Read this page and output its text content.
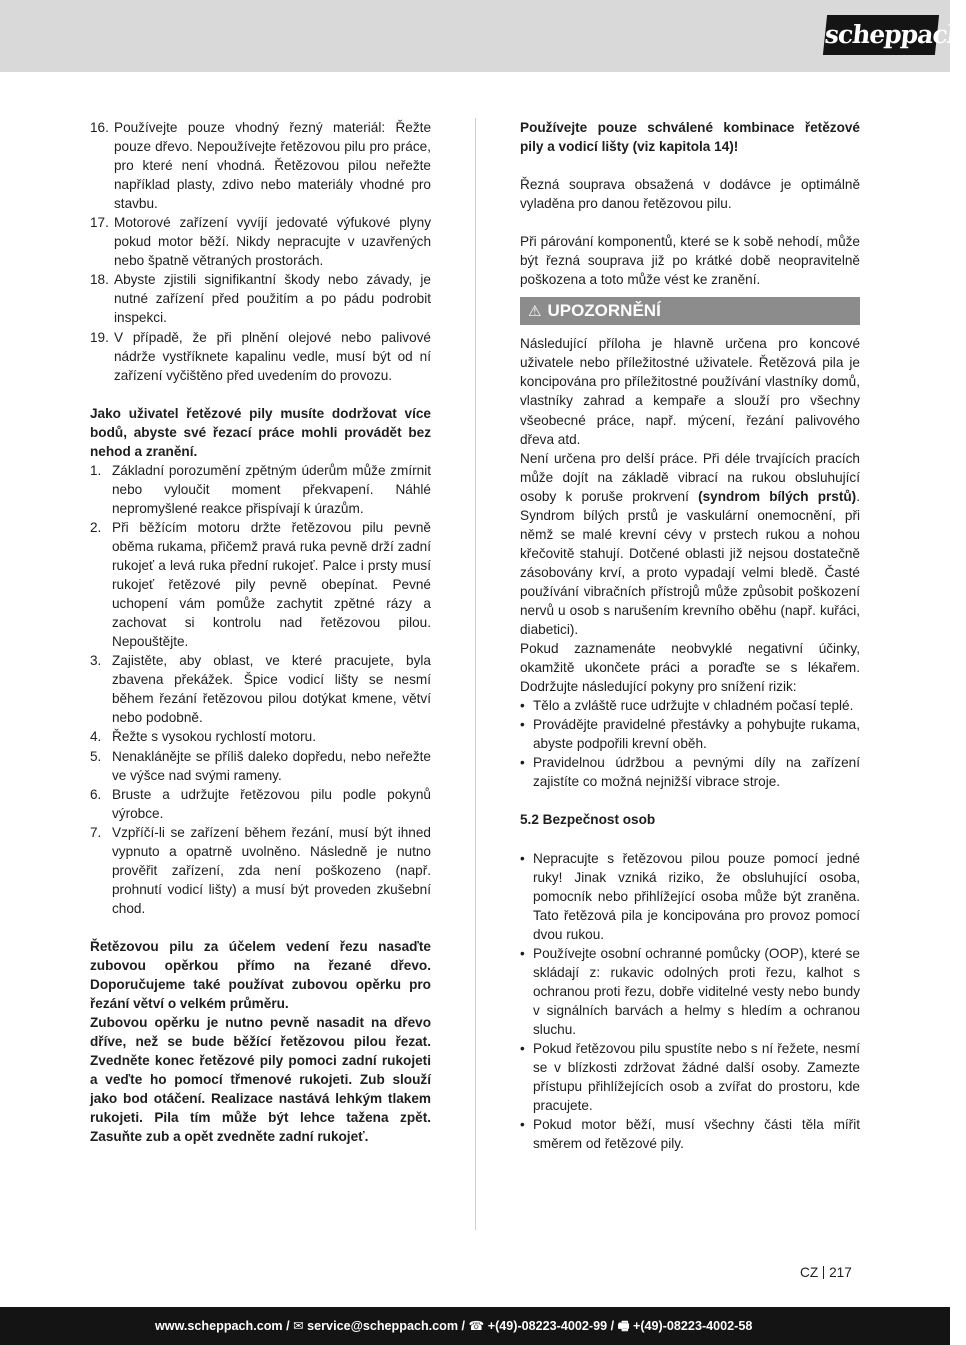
scheppach
16. Používejte pouze vhodný řezný materiál: Řežte pouze dřevo. Nepoužívejte řetězovou pilu pro práce, pro které není vhodná. Řetězovou pilou neřežte například plasty, zdivo nebo materiály vhodné pro stavbu.
17. Motorové zařízení vyvíjí jedovaté výfukové plyny pokud motor běží. Nikdy nepracujte v uzavřených nebo špatně větraných prostorách.
18. Abyste zjistili signifikantní škody nebo závady, je nutné zařízení před použitím a po pádu podrobit inspekci.
19. V případě, že při plnění olejové nebo palivové nádrže vystříknete kapalinu vedle, musí být od ní zařízení vyčištěno před uvedením do provozu.

Jako uživatel řetězové pily musíte dodržovat více bodů, abyste své řezací práce mohli provádět bez nehod a zranění.

1. Základní porozumění zpětným úderům může zmírnit nebo vyloučit moment překvapení. Náhlé nepromyšlené reakce přispívají k úrazům.
2. Při běžícím motoru držte řetězovou pilu pevně oběma rukama, přičemž pravá ruka pevně drží zadní rukojeť a levá ruka přední rukojeť. Palce i prsty musí rukojeť řetězové pily pevně obepínat. Pevné uchopení vám pomůže zachytit zpětné rázy a zachovat si kontrolu nad řetězovou pilou. Nepouštějte.
3. Zajistěte, aby oblast, ve které pracujete, byla zbavena překážek. Špice vodicí lišty se nesmí během řezání řetězovou pilou dotýkat kmene, větví nebo podobně.
4. Řežte s vysokou rychlostí motoru.
5. Nenaklánějte se příliš daleko dopředu, nebo neřežte ve výšce nad svými rameny.
6. Bruste a udržujte řetězovou pilu podle pokynů výrobce.
7. Vzpříčí-li se zařízení během řezání, musí být ihned vypnuto a opatrně uvolněno. Následně je nutno prověřit zařízení, zda není poškozeno (např. prohnutí vodicí lišty) a musí být proveden zkušební chod.

Řetězovou pilu za účelem vedení řezu nasaďte zubovou opěrkou přímo na řezané dřevo. Doporučujeme také používat zubovou opěrku pro řezání větví o velkém průměru.

Zubovou opěrku je nutno pevně nasadit na dřevo dříve, než se bude běžící řetězovou pilou řezat. Zvedněte konec řetězové pily pomoci zadní rukojeti a veďte ho pomocí třmenové rukojeti. Zub slouží jako bod otáčení. Realizace nastává lehkým tlakem rukojeti. Pila tím může být lehce tažena zpět. Zasuňte zub a opět zvedněte zadní rukojeť.

Používejte pouze schválené kombinace řetězové pily a vodicí lišty (viz kapitola 14)!

Řezná souprava obsažená v dodávce je optimálně vyladěna pro danou řetězovou pilu.

Při párování komponentů, které se k sobě nehodí, může být řezná souprava již po krátké době neopravitelně poškozena a toto může vést ke zranění.

⚠ UPOZORNĚNÍ

Následující příloha je hlavně určena pro koncové uživatele nebo příležitostné uživatele. Řetězová pila je koncipována pro příležitostné používání vlastníky domů, vlastníky zahrad a kempaře a slouží pro všechny všeobecné práce, např. mýcení, řezání palivového dřeva atd.

Není určena pro delší práce. Při déle trvajících pracích může dojít na základě vibrací na rukou obsluhující osoby k poruše prokrvení (syndrom bílých prstů). Syndrom bílých prstů je vaskulární onemocnění, při němž se malé krevní cévy v prstech rukou a nohou křečovitě stahují. Dotčené oblasti již nejsou dostatečně zásobovány krví, a proto vypadají velmi bledě. Časté používání vibračních přístrojů může způsobit poškození nervů u osob s narušením krevního oběhu (např. kuřáci, diabetici).

Pokud zaznamenáte neobvyklé negativní účinky, okamžitě ukončete práci a poraďte se s lékařem. Dodržujte následující pokyny pro snížení rizik:

• Tělo a zvláště ruce udržujte v chladném počasí teplé.
• Provádějte pravidelné přestávky a pohybujte rukama, abyste podpořili krevní oběh.
• Pravidelnou údržbou a pevnými díly na zařízení zajistíte co možná nejnižší vibrace stroje.

5.2 Bezpečnost osob

• Nepracujte s řetězovou pilou pouze pomocí jedné ruky! Jinak vzniká riziko, že obsluhující osoba, pomocník nebo přihlížející osoba může být zraněna. Tato řetězová pila je koncipována pro provoz pomocí dvou rukou.
• Používejte osobní ochranné pomůcky (OOP), které se skládají z: rukavic odolných proti řezu, kalhot s ochranou proti řezu, dobře viditelné vesty nebo bundy v signálních barvách a helmy s hledím a ochranou sluchu.
• Pokud řetězovou pilu spustíte nebo s ní řežete, nesmí se v blízkosti zdržovat žádné další osoby. Zamezte přístupu přihlížejících osob a zvířat do prostoru, kde pracujete.
• Pokud motor běží, musí všechny části těla mířit směrem od řetězové pily.
CZ 217
www.scheppach.com / ✉ service@scheppach.com / ☎ +(49)-08223-4002-99 / 🖷 +(49)-08223-4002-58
